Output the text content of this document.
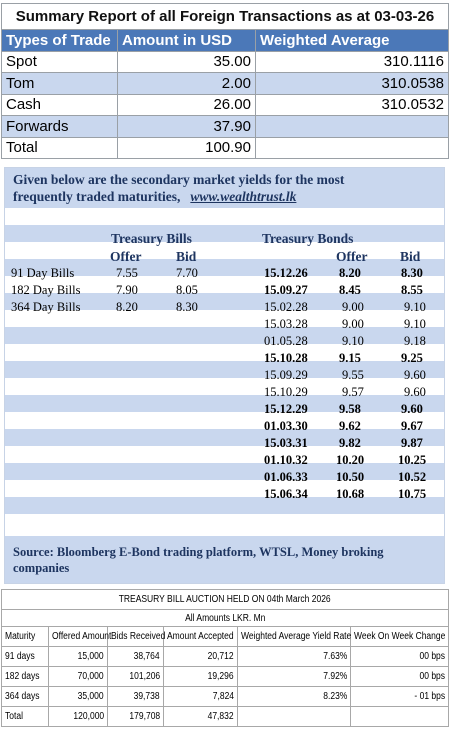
Summary Report of all Foreign Transactions as at 03-03-26		
Types of Trade	Amount in USD	Weighted Average
Spot	35.00	310.1116
Tom	2.00	310.0538
Cash	26.00	310.0532
Forwards	37.90	
Total	100.90	
Given below are the secondary market yields for the most
frequently traded maturities, www.wealthtrust.lk
Treasury Bills	Treasury Bonds
Offer	Bid	Offer Bid
91 Day Bills	7.55	7.70
182 Day Bills	7.90	8.05
364 Day Bills	8.20	8.30
15.12.26	8.20	8.30
15.09.27	8.45	8.55
15.02.28	9.00	9.10
15.03.28	9.00	9.10
01.05.28	9.10	9.18
15.10.28	9.15	9.25
15.09.29	9.55	9.60
15.10.29	9.57	9.60
15.12.29	9.58	9.60
01.03.30	9.62	9.67
15.03.31	9.82	9.87
01.10.32 10.20	10.25
01.06.33 10.50	10.52
15.06.34 10.68	10.75
Source: Bloomberg E-Bond trading platform, WTSL, Money broking
companies
TREASURY BILL AUCTION HELD ON 04th March 2026					
All Amounts LKR. Mn					
Maturity	Offered Amount	Bids Received	Amount Accepted	Weighted Average Yield Rate	Week On Week Change
91 days	15,000	38,764	20,712	7.63%	00 bps
182 days	70,000	101,206	19,296	7.92%	00 bps
364 days	35,000	39,738	7,824	8.23%	- 01 bps
Total	120,000	179,708	47,832		
